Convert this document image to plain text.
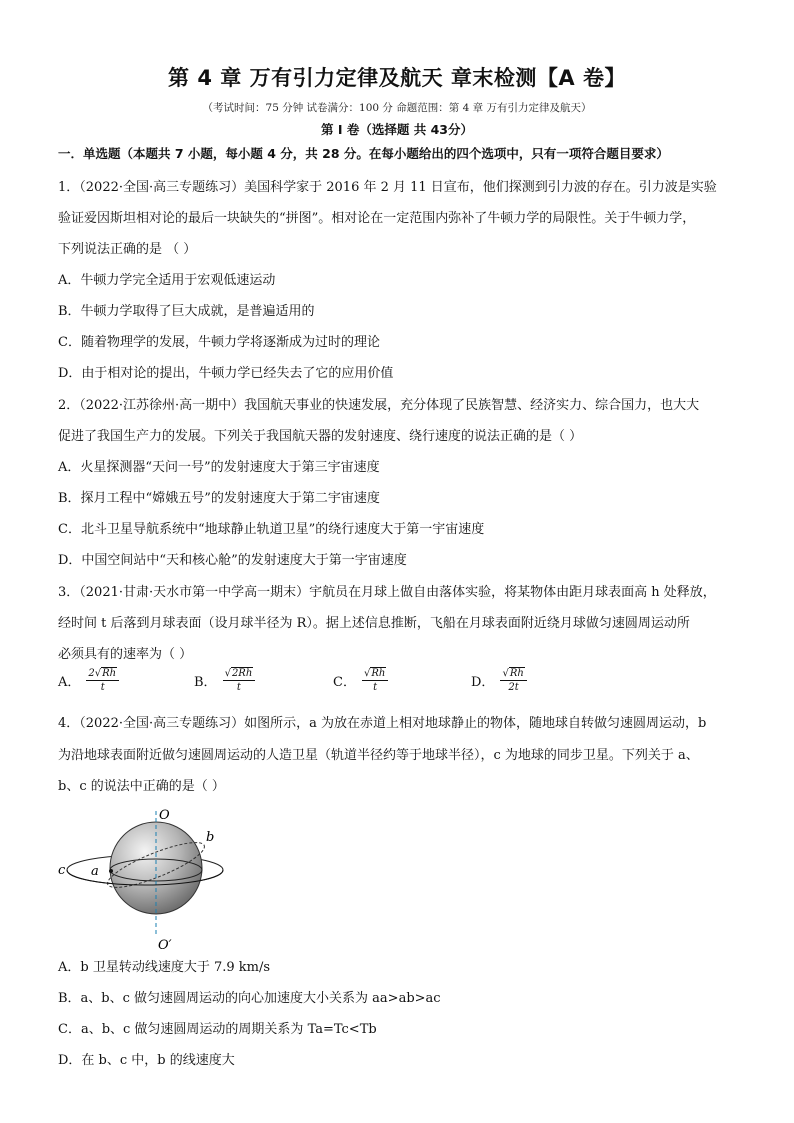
第 4 章 万有引力定律及航天 章末检测【A 卷】
（考试时间：75 分钟 试卷满分：100 分 命题范围：第 4 章 万有引力定律及航天）
第 I 卷（选择题 共 43分）
一．单选题（本题共 7 小题，每小题 4 分，共 28 分。在每小题给出的四个选项中，只有一项符合题目要求）
1．（2022·全国·高三专题练习）美国科学家于 2016 年 2 月 11 日宣布，他们探测到引力波的存在。引力波是实验
验证爱因斯坦相对论的最后一块缺失的“拼图”。相对论在一定范围内弥补了牛顿力学的局限性。关于牛顿力学，
下列说法正确的是 （ ）
A．牛顿力学完全适用于宏观低速运动
B．牛顿力学取得了巨大成就，是普遍适用的
C．随着物理学的发展，牛顿力学将逐渐成为过时的理论
D．由于相对论的提出，牛顿力学已经失去了它的应用价值
2．（2022·江苏徐州·高一期中）我国航天事业的快速发展，充分体现了民族智慧、经济实力、综合国力，也大大
促进了我国生产力的发展。下列关于我国航天器的发射速度、绕行速度的说法正确的是（ ）
A．火星探测器“天问一号”的发射速度大于第三宇宙速度
B．探月工程中“嫦娥五号”的发射速度大于第二宇宙速度
C．北斗卫星导航系统中“地球静止轨道卫星”的绕行速度大于第一宇宙速度
D．中国空间站中“天和核心舱”的发射速度大于第一宇宙速度
3．（2021·甘肃·天水市第一中学高一期末）宇航员在月球上做自由落体实验，将某物体由距月球表面高 h 处释放，
经时间 t 后落到月球表面（设月球半径为 R）。据上述信息推断，飞船在月球表面附近绕月球做匀速圆周运动所
必须具有的速率为（ ）
A． $\frac{2√Rh}{t}$	B． $\frac{√2Rh}{t}$	C． $\frac{√Rh}{t}$	D． $\frac{√Rh}{2t}$
4．（2022·全国·高三专题练习）如图所示，a 为放在赤道上相对地球静止的物体，随地球自转做匀速圆周运动，b
为沿地球表面附近做匀速圆周运动的人造卫星（轨道半径约等于地球半径），c 为地球的同步卫星。下列关于 a、
b、c 的说法中正确的是（ ）
O
O′
a
b
c
A．b 卫星转动线速度大于 7.9 km/s
B．a、b、c 做匀速圆周运动的向心加速度大小关系为 aa>ab>ac
C．a、b、c 做匀速圆周运动的周期关系为 Ta=Tc<Tb
D．在 b、c 中，b 的线速度大
